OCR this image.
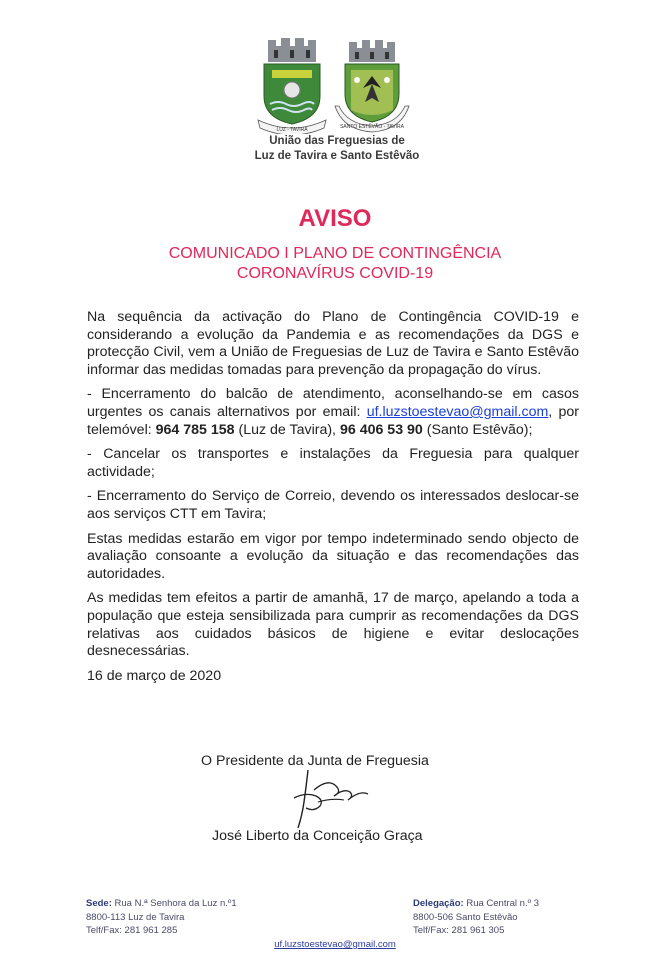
LUZ - TAVIRA	SANTO ESTÊVÃO - TAVIRA
União das Freguesias de
Luz de Tavira e Santo Estêvão
AVISO
COMUNICADO I PLANO DE CONTINGÊNCIA
CORONAVÍRUS COVID-19

Na sequência da activação do Plano de Contingência COVID-19 e considerando a evolução da Pandemia e as recomendações da DGS e protecção Civil, vem a União de Freguesias de Luz de Tavira e Santo Estêvão informar das medidas tomadas para prevenção da propagação do vírus.

- Encerramento do balcão de atendimento, aconselhando-se em casos urgentes os canais alternativos por email: uf.luzstoestevao@gmail.com, por telemóvel: 964 785 158 (Luz de Tavira), 96 406 53 90 (Santo Estêvão);

- Cancelar os transportes e instalações da Freguesia para qualquer actividade;

- Encerramento do Serviço de Correio, devendo os interessados deslocar-se aos serviços CTT em Tavira;

Estas medidas estarão em vigor por tempo indeterminado sendo objecto de avaliação consoante a evolução da situação e das recomendações das autoridades.

As medidas tem efeitos a partir de amanhã, 17 de março, apelando a toda a população que esteja sensibilizada para cumprir as recomendações da DGS relativas aos cuidados básicos de higiene e evitar deslocações desnecessárias.

16 de março de 2020

O Presidente da Junta de Freguesia
José Liberto da Conceição Graça
Sede: Rua N.ª Senhora da Luz n.º1
8800-113 Luz de Tavira
Telf/Fax: 281 961 285
Delegação: Rua Central n.º 3
8800-506 Santo Estêvão
Telf/Fax: 281 961 305
uf.luzstoestevao@gmail.com
